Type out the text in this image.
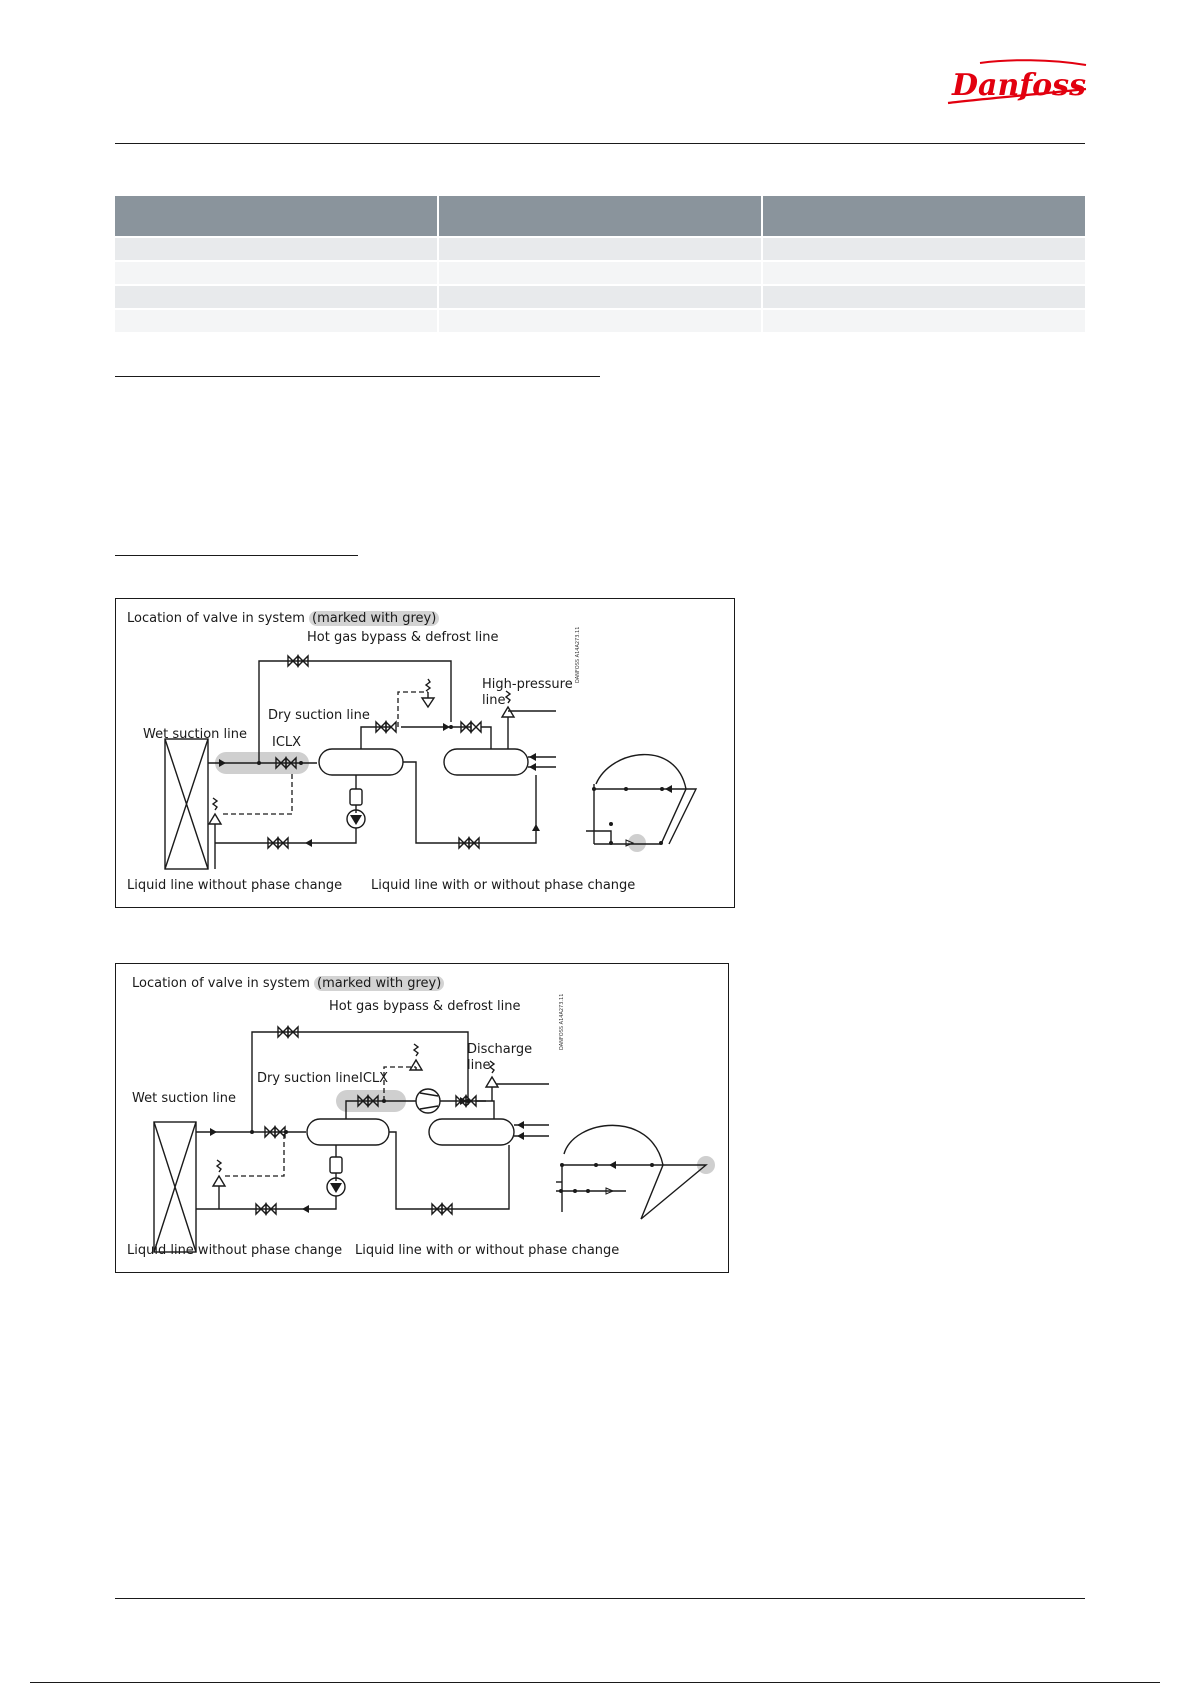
Danfoss
Location of valve in system (marked with grey)
Hot gas bypass & defrost line
High-pressure
line
Dry suction line
Wet suction line
ICLX
Liquid line without phase change Liquid line with or without phase change
DANFOSS A14A273.11
Location of valve in system (marked with grey)
Hot gas bypass & defrost line
Discharge
line
Dry suction line ICLX
Wet suction line
Liquid line without phase change Liquid line with or without phase change
DANFOSS A14A273.11
